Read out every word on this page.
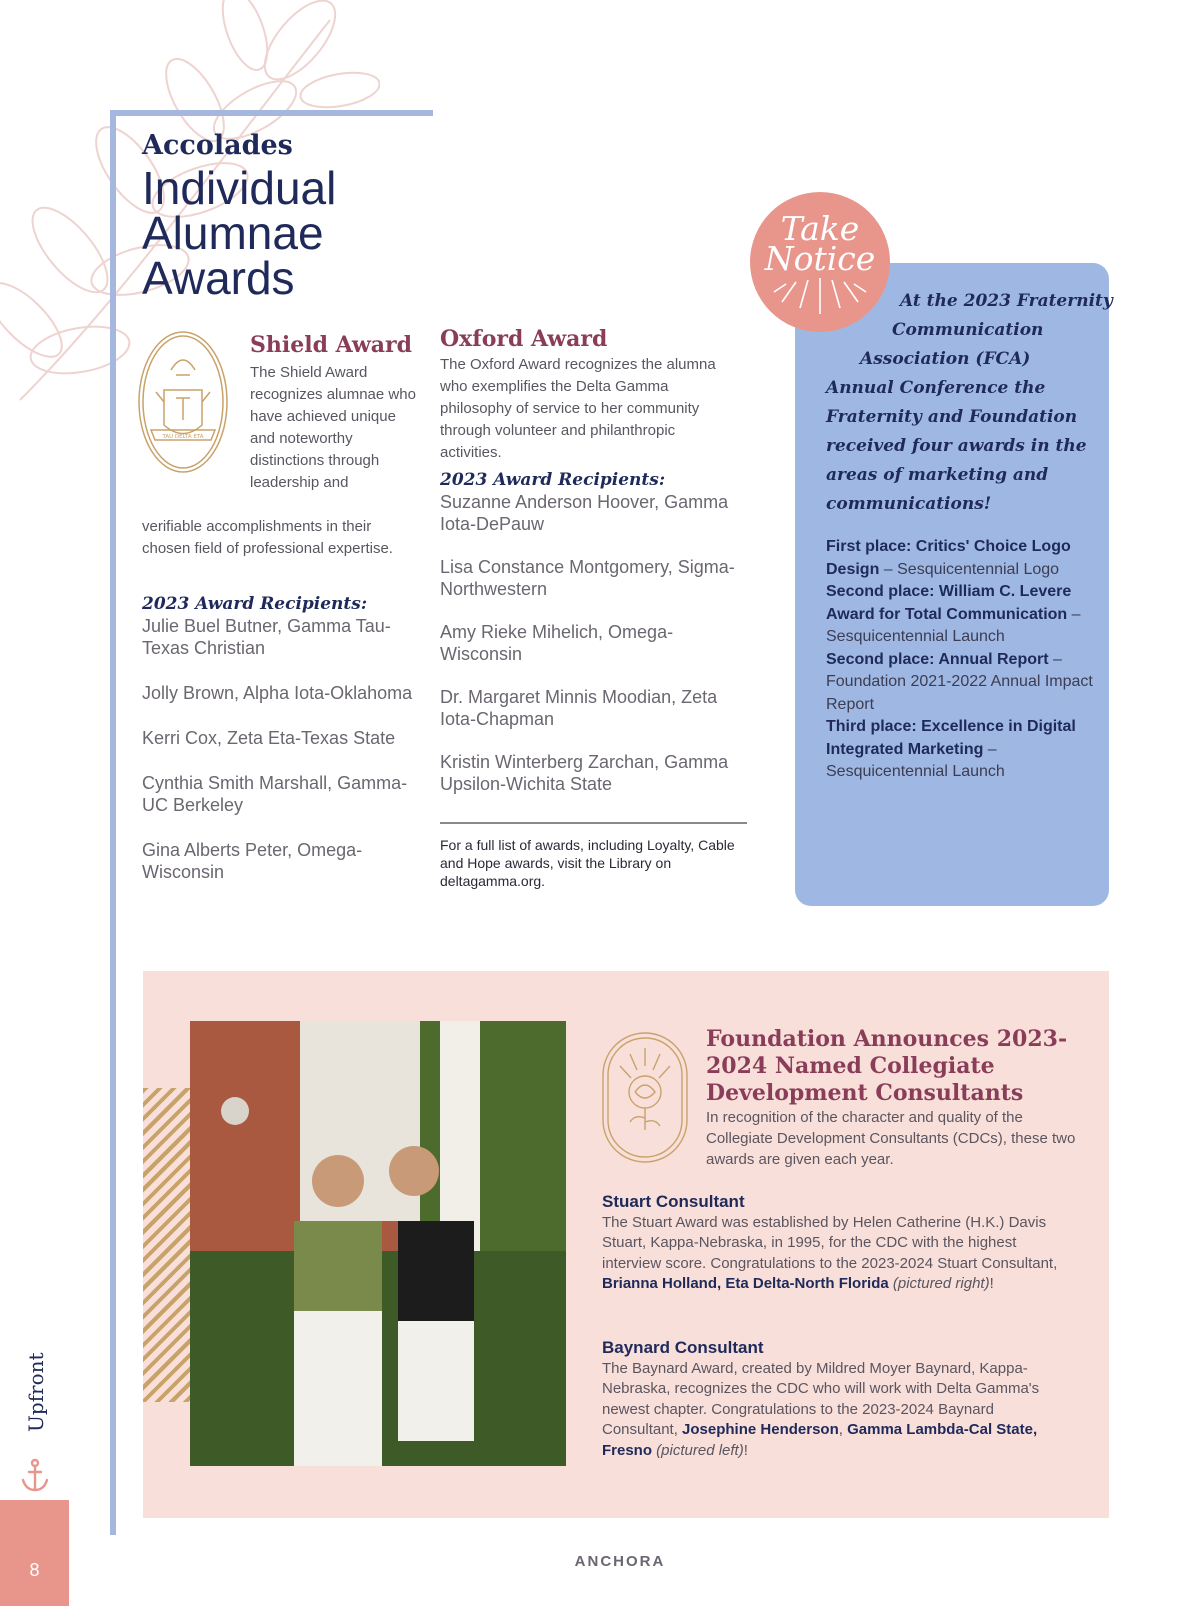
Accolades
Individual Alumnae Awards
TAU DELTA ETA
Shield Award
The Shield Award recognizes alumnae who have achieved unique and noteworthy distinctions through leadership and
verifiable accomplishments in their chosen field of professional expertise.
2023 Award Recipients:
Julie Buel Butner, Gamma Tau-Texas Christian
Jolly Brown, Alpha Iota-Oklahoma
Kerri Cox, Zeta Eta-Texas State
Cynthia Smith Marshall, Gamma-UC Berkeley
Gina Alberts Peter, Omega-Wisconsin
Oxford Award
The Oxford Award recognizes the alumna who exemplifies the Delta Gamma philosophy of service to her community through volunteer and philanthropic activities.
2023 Award Recipients:
Suzanne Anderson Hoover, Gamma Iota-DePauw
Lisa Constance Montgomery, Sigma-Northwestern
Amy Rieke Mihelich, Omega-Wisconsin
Dr. Margaret Minnis Moodian, Zeta Iota-Chapman
Kristin Winterberg Zarchan, Gamma Upsilon-Wichita State
For a full list of awards, including Loyalty, Cable and Hope awards, visit the Library on deltagamma.org.
Take
Notice
At the 2023 Fraternity
Communication
Association (FCA)
Annual Conference the Fraternity and Foundation received four awards in the areas of marketing and communications!

First place: Critics' Choice Logo Design – Sesquicentennial Logo

Second place: William C. Levere Award for Total Communication – Sesquicentennial Launch

Second place: Annual Report – Foundation 2021-2022 Annual Impact Report

Third place: Excellence in Digital Integrated Marketing – Sesquicentennial Launch

Foundation Announces 2023-2024 Named Collegiate Development Consultants
In recognition of the character and quality of the Collegiate Development Consultants (CDCs), these two awards are given each year.
Stuart Consultant

The Stuart Award was established by Helen Catherine (H.K.) Davis Stuart, Kappa-Nebraska, in 1995, for the CDC with the highest interview score. Congratulations to the 2023-2024 Stuart Consultant, Brianna Holland, Eta Delta-North Florida (pictured right)!

Baynard Consultant

The Baynard Award, created by Mildred Moyer Baynard, Kappa-Nebraska, recognizes the CDC who will work with Delta Gamma's newest chapter. Congratulations to the 2023-2024 Baynard Consultant, Josephine Henderson, Gamma Lambda-Cal State, Fresno (pictured left)!

Upfront
8	ANCHORA
